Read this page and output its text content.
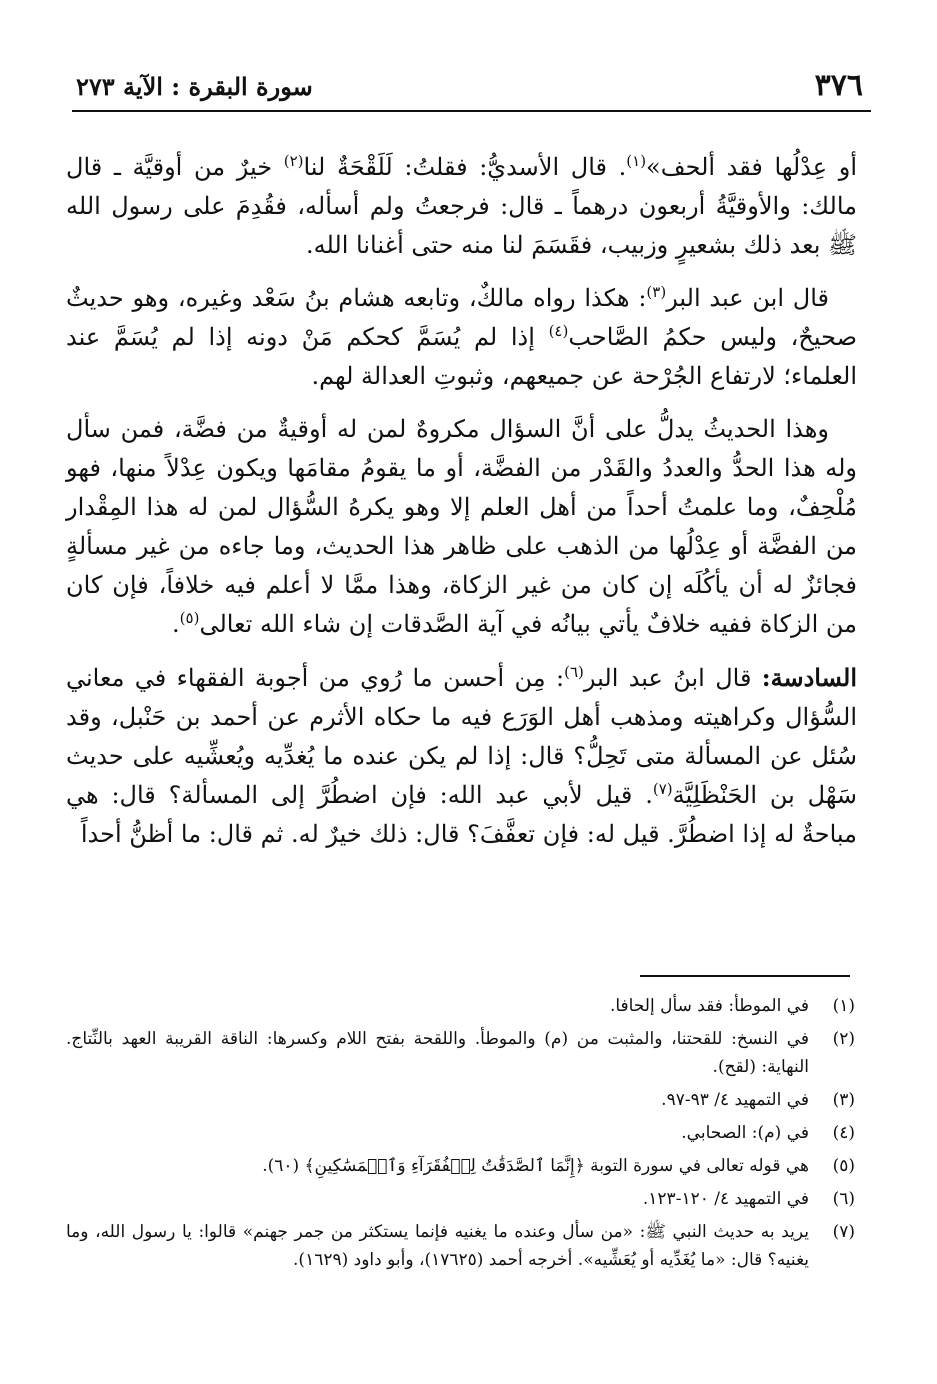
٣٧٦
سورة البقرة : الآية ٢٧٣

أو عِدْلُها فقد ألحف»$^{(١)}$. قال الأسديُّ: فقلتُ: لَلَقْحَةٌ لنا$^{(٢)}$ خيرٌ من أوقيَّة ـ قال مالك: والأوقيَّةُ أربعون درهماً ـ قال: فرجعتُ ولم أسأله، فقُدِمَ على رسول الله ﷺ بعد ذلك بشعيرٍ وزبيب، فقَسَمَ لنا منه حتى أغنانا الله.

قال ابن عبد البر$^{(٣)}$: هكذا رواه مالكٌ، وتابعه هشام بنُ سَعْد وغيره، وهو حديثٌ صحيحٌ، وليس حكمُ الصَّاحب$^{(٤)}$ إذا لم يُسَمَّ كحكم مَنْ دونه إذا لم يُسَمَّ عند العلماء؛ لارتفاع الجُرْحة عن جميعهم، وثبوتِ العدالة لهم.

وهذا الحديثُ يدلُّ على أنَّ السؤال مكروهٌ لمن له أوقيةٌ من فضَّة، فمن سأل وله هذا الحدُّ والعددُ والقَدْر من الفضَّة، أو ما يقومُ مقامَها ويكون عِدْلاً منها، فهو مُلْحِفٌ، وما علمتُ أحداً من أهل العلم إلا وهو يكرهُ السُّؤال لمن له هذا المِقْدار من الفضَّة أو عِدْلُها من الذهب على ظاهر هذا الحديث، وما جاءه من غير مسألةٍ فجائزٌ له أن يأكُلَه إن كان من غير الزكاة، وهذا ممَّا لا أعلم فيه خلافاً، فإن كان من الزكاة ففيه خلافٌ يأتي بيانُه في آية الصَّدقات إن شاء الله تعالى$^{(٥)}$.

السادسة: قال ابنُ عبد البر$^{(٦)}$: مِن أحسن ما رُوي من أجوبة الفقهاء في معاني السُّؤال وكراهيته ومذهب أهل الوَرَع فيه ما حكاه الأثرم عن أحمد بن حَنْبل، وقد سُئل عن المسألة متى تَحِلُّ؟ قال: إذا لم يكن عنده ما يُغدِّيه ويُعشِّيه على حديث سَهْل بن الحَنْظَلِيَّة$^{(٧)}$. قيل لأبي عبد الله: فإن اضطُرَّ إلى المسألة؟ قال: هي مباحةٌ له إذا اضطُرَّ. قيل له: فإن تعفَّفَ؟ قال: ذلك خيرٌ له. ثم قال: ما أظنُّ أحداً

(١)
في الموطأ: فقد سأل إلحافا.
(٢)
في النسخ: للقحتنا، والمثبت من (م) والموطأ. واللقحة بفتح اللام وكسرها: الناقة القريبة العهد بالنِّتاج. النهاية: (لقح).
(٣)
في التمهيد ٤/ ٩٣-٩٧.
(٤)
في (م): الصحابي.
(٥)
هي قوله تعالى في سورة التوبة ﴿إِنَّمَا ٱلصَّدَقَٰتُ لِلۡفُقَرَآءِ وَٱلۡمَسَٰكِينِ﴾ (٦٠).
(٦)
في التمهيد ٤/ ١٢٠-١٢٣.
(٧)
يريد به حديث النبي ﷺ: «من سأل وعنده ما يغنيه فإنما يستكثر من جمر جهنم» قالوا: يا رسول الله، وما يغنيه؟ قال: «ما يُغَدِّيه أو يُعَشِّيه». أخرجه أحمد (١٧٦٢٥)، وأبو داود (١٦٢٩).
